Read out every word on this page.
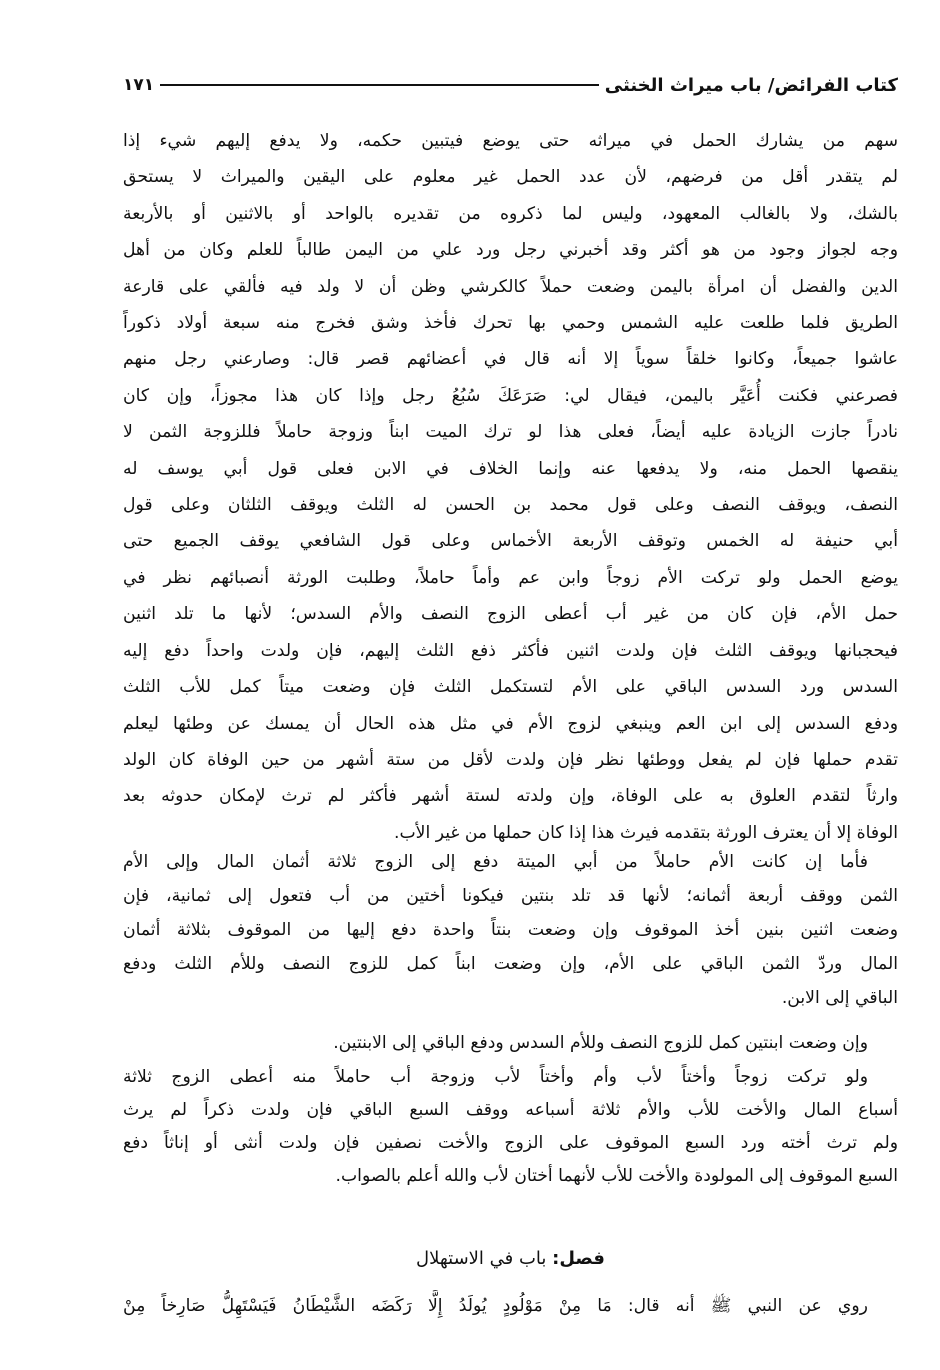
كتاب الفرائض/ باب ميراث الخنثى
١٧١
سهم من يشارك الحمل في ميراثه حتى يوضع فيتبين حكمه، ولا يدفع إليهم شيء إذا
لم يتقدر أقل من فرضهم، لأن عدد الحمل غير معلوم على اليقين والميراث لا يستحق
بالشك، ولا بالغالب المعهود، وليس لما ذكروه من تقديره بالواحد أو بالاثنين أو بالأربعة
وجه لجواز وجود من هو أكثر وقد أخبرني رجل ورد علي من اليمن طالباً للعلم وكان من أهل
الدين والفضل أن امرأة باليمن وضعت حملاً كالكرشي وظن أن لا ولد فيه فألقي على قارعة
الطريق فلما طلعت عليه الشمس وحمي بها تحرك فأخذ وشق فخرج منه سبعة أولاد ذكوراً
عاشوا جميعاً، وكانوا خلقاً سوياً إلا أنه قال في أعضائهم قصر قال: وصارعني رجل منهم
فصرعني فكنت أُعَيَّر باليمن، فيقال لي: صَرَعَكَ سُبُعُ رجل وإذا كان هذا مجوزاً، وإن كان
نادراً جازت الزيادة عليه أيضاً، فعلى هذا لو ترك الميت ابناً وزوجة حاملاً فللزوجة الثمن لا
ينقصها الحمل منه، ولا يدفعها عنه وإنما الخلاف في الابن فعلى قول أبي يوسف له
النصف، ويوقف النصف وعلى قول محمد بن الحسن له الثلث ويوقف الثلثان وعلى قول
أبي حنيفة له الخمس وتوقف الأربعة الأخماس وعلى قول الشافعي يوقف الجميع حتى
يوضع الحمل ولو تركت الأم زوجاً وابن عم وأماً حاملاً، وطلبت الورثة أنصبائهم نظر في
حمل الأم، فإن كان من غير أب أعطى الزوج النصف والأم السدس؛ لأنها ما تلد اثنين
فيحجبانها ويوقف الثلث فإن ولدت اثنين فأكثر ذفع الثلث إليهم، فإن ولدت واحداً دفع إليه
السدس ورد السدس الباقي على الأم لتستكمل الثلث فإن وضعت ميتاً كمل للأب الثلث
ودفع السدس إلى ابن العم وينبغي لزوج الأم في مثل هذه الحال أن يمسك عن وطئها ليعلم
تقدم حملها فإن لم يفعل ووطئها نظر فإن ولدت لأقل من ستة أشهر من حين الوفاة كان الولد
وارثاً لتقدم العلوق به على الوفاة، وإن ولدته لستة أشهر فأكثر لم ترث لإمكان حدوثه بعد
الوفاة إلا أن يعترف الورثة بتقدمه فيرث هذا إذا كان حملها من غير الأب.
فأما إن كانت الأم حاملاً من أبي الميتة دفع إلى الزوج ثلاثة أثمان المال وإلى الأم
الثمن ووقف أربعة أثمانه؛ لأنها قد تلد بنتين فيكونا أختين من أب فتعول إلى ثمانية، فإن
وضعت اثنين بنين أخذ الموقوف وإن وضعت بنتاً واحدة دفع إليها من الموقوف بثلاثة أثمان
المال وردّ الثمن الباقي على الأم، وإن وضعت ابناً كمل للزوج النصف وللأم الثلث ودفع
الباقي إلى الابن.
وإن وضعت ابنتين كمل للزوج النصف وللأم السدس ودفع الباقي إلى الابنتين.
ولو تركت زوجاً وأختاً لأب وأم وأختاً لأب وزوجة أب حاملاً منه أعطى الزوج ثلاثة
أسباع المال والأخت للأب والأم ثلاثة أسباعه ووقف السبع الباقي فإن ولدت ذكراً لم يرث
ولم ترث أخته ورد السبع الموقوف على الزوج والأخت نصفين فإن ولدت أنثى أو إناثاً دفع
السبع الموقوف إلى المولودة والأخت للأب لأنهما أختان لأب والله أعلم بالصواب.
فصل: باب في الاستهلال
روي عن النبي ﷺ أنه قال: مَا مِنْ مَوْلُودٍ يُولَدُ إِلَّا رَكَضَه الشَّيْطَانُ فَيَسْتَهِلُّ صَارِخاً مِنْ
